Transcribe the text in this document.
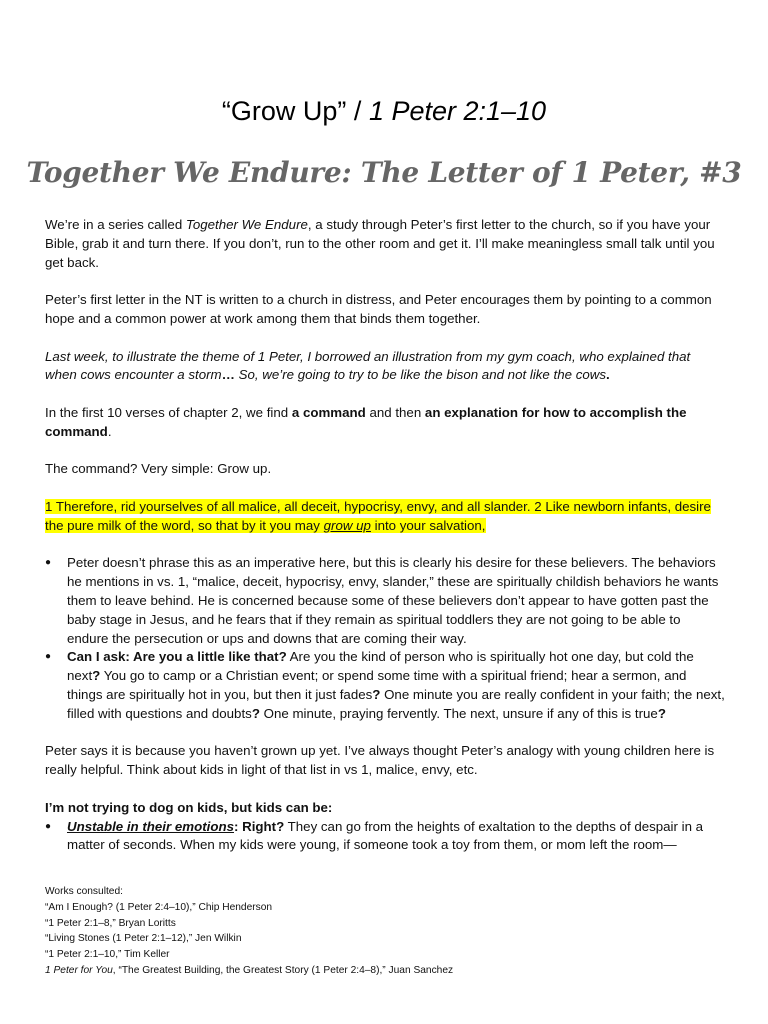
“Grow Up” / 1 Peter 2:1–10
Together We Endure: The Letter of 1 Peter, #3

We’re in a series called Together We Endure, a study through Peter’s first letter to the church, so if you have your Bible, grab it and turn there. If you don’t, run to the other room and get it. I’ll make meaningless small talk until you get back.

Peter’s first letter in the NT is written to a church in distress, and Peter encourages them by pointing to a common hope and a common power at work among them that binds them together.

Last week, to illustrate the theme of 1 Peter, I borrowed an illustration from my gym coach, who explained that when cows encounter a storm… So, we’re going to try to be like the bison and not like the cows.

In the first 10 verses of chapter 2, we find a command and then an explanation for how to accomplish the command.

The command? Very simple: Grow up.

1 Therefore, rid yourselves of all malice, all deceit, hypocrisy, envy, and all slander. 2 Like newborn infants, desire the pure milk of the word, so that by it you may grow up into your salvation,

● Peter doesn’t phrase this as an imperative here, but this is clearly his desire for these believers. The behaviors he mentions in vs. 1, “malice, deceit, hypocrisy, envy, slander,” these are spiritually childish behaviors he wants them to leave behind. He is concerned because some of these believers don’t appear to have gotten past the baby stage in Jesus, and he fears that if they remain as spiritual toddlers they are not going to be able to endure the persecution or ups and downs that are coming their way.
● Can I ask: Are you a little like that? Are you the kind of person who is spiritually hot one day, but cold the next? You go to camp or a Christian event; or spend some time with a spiritual friend; hear a sermon, and things are spiritually hot in you, but then it just fades? One minute you are really confident in your faith; the next, filled with questions and doubts? One minute, praying fervently. The next, unsure if any of this is true?

Peter says it is because you haven’t grown up yet. I’ve always thought Peter’s analogy with young children here is really helpful. Think about kids in light of that list in vs 1, malice, envy, etc.

I’m not trying to dog on kids, but kids can be:

● Unstable in their emotions: Right? They can go from the heights of exaltation to the depths of despair in a matter of seconds. When my kids were young, if someone took a toy from them, or mom left the room—
Works consulted:
“Am I Enough? (1 Peter 2:4–10),” Chip Henderson
“1 Peter 2:1–8,” Bryan Loritts
“Living Stones (1 Peter 2:1–12),” Jen Wilkin
“1 Peter 2:1–10,” Tim Keller
1 Peter for You, “The Greatest Building, the Greatest Story (1 Peter 2:4–8),” Juan Sanchez
